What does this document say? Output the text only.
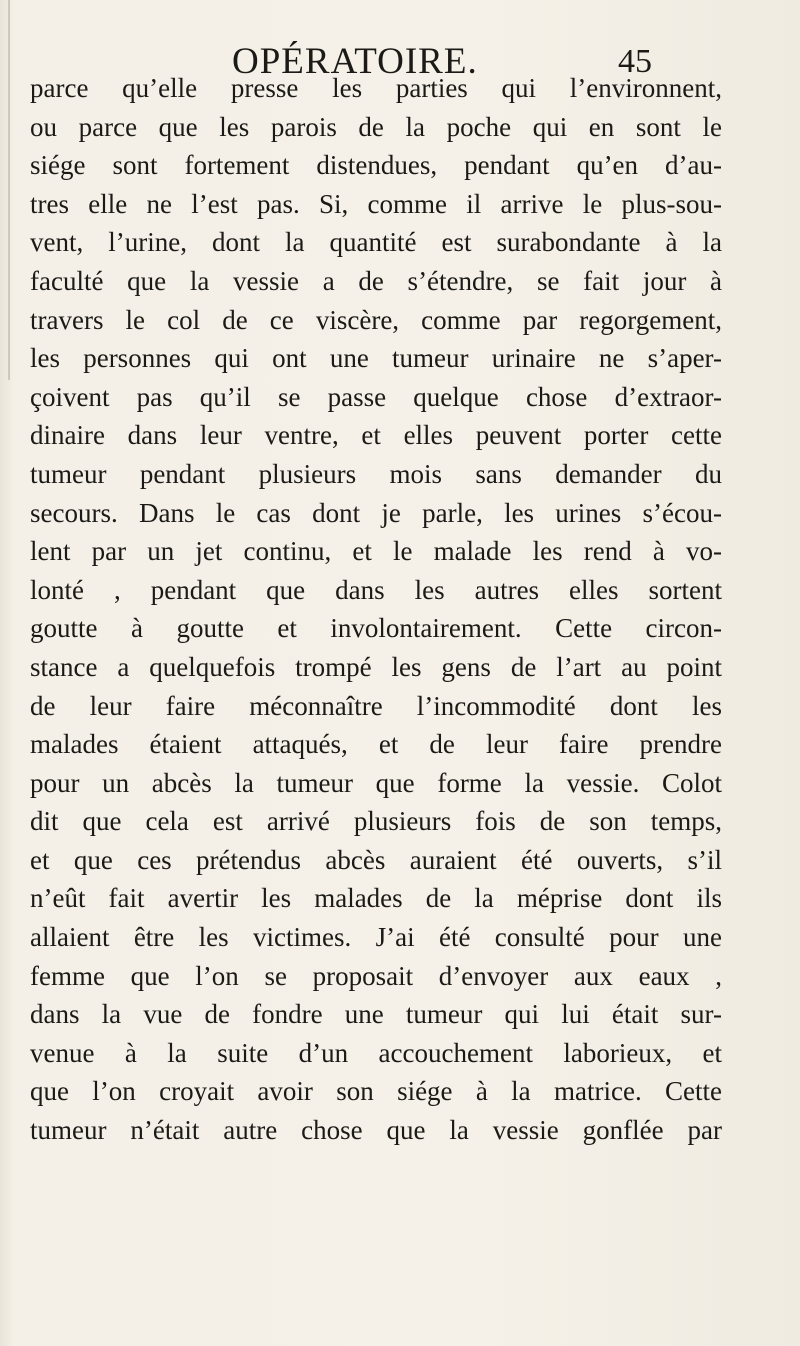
OPÉRATOIRE.	45
parce qu’elle presse les parties qui l’environnent,
ou parce que les parois de la poche qui en sont le
siége sont fortement distendues, pendant qu’en d’au-
tres elle ne l’est pas. Si, comme il arrive le plus-sou-
vent, l’urine, dont la quantité est surabondante à la
faculté que la vessie a de s’étendre, se fait jour à
travers le col de ce viscère, comme par regorgement,
les personnes qui ont une tumeur urinaire ne s’aper-
çoivent pas qu’il se passe quelque chose d’extraor-
dinaire dans leur ventre, et elles peuvent porter cette
tumeur pendant plusieurs mois sans demander du
secours. Dans le cas dont je parle, les urines s’écou-
lent par un jet continu, et le malade les rend à vo-
lonté , pendant que dans les autres elles sortent
goutte à goutte et involontairement. Cette circon-
stance a quelquefois trompé les gens de l’art au point
de leur faire méconnaître l’incommodité dont les
malades étaient attaqués, et de leur faire prendre
pour un abcès la tumeur que forme la vessie. Colot
dit que cela est arrivé plusieurs fois de son temps,
et que ces prétendus abcès auraient été ouverts, s’il
n’eût fait avertir les malades de la méprise dont ils
allaient être les victimes. J’ai été consulté pour une
femme que l’on se proposait d’envoyer aux eaux ,
dans la vue de fondre une tumeur qui lui était sur-
venue à la suite d’un accouchement laborieux, et
que l’on croyait avoir son siége à la matrice. Cette
tumeur n’était autre chose que la vessie gonflée par
